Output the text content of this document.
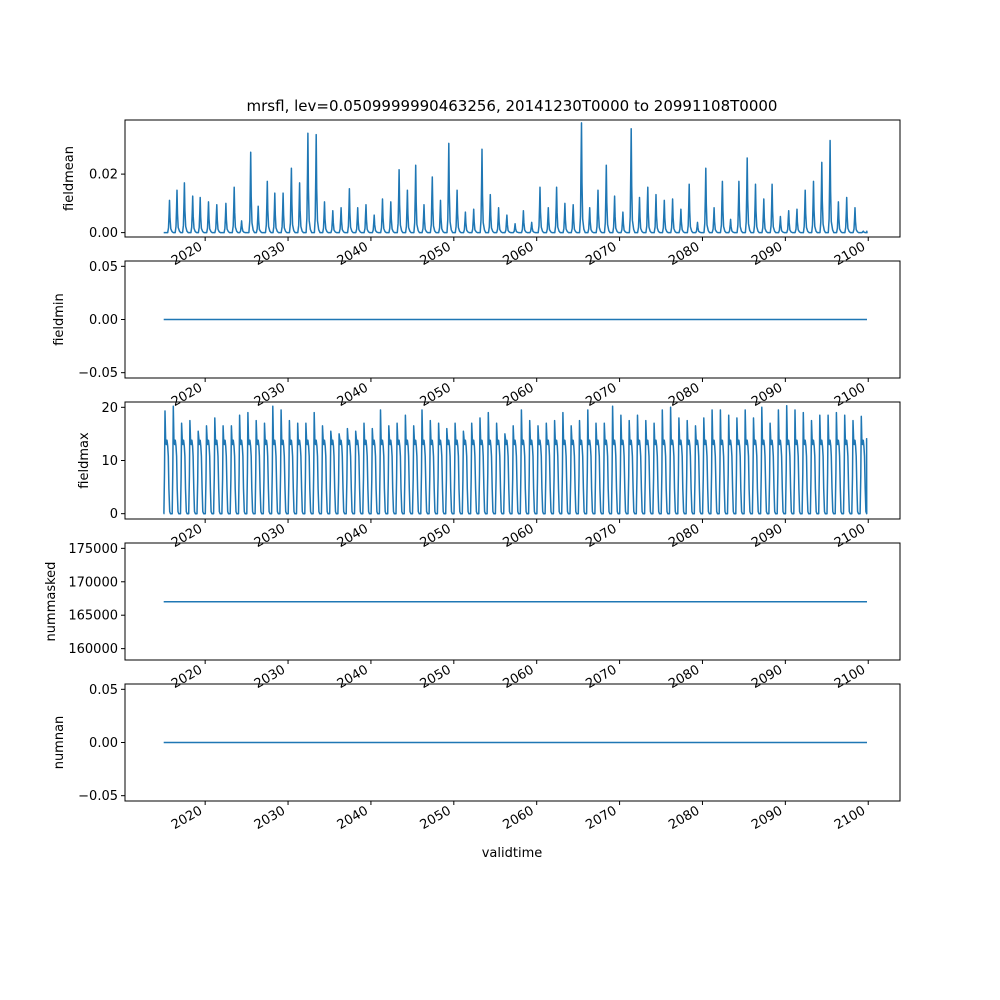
mrsfl, lev=0.0509999990463256, 20141230T0000 to 20991108T0000
0.00
0.02
2020	2030	2040	2050	2060	2070	2080	2090	2100
fieldmean
−0.05
0.00
0.05
2020	2030	2040	2050	2060	2070	2080	2090	2100
fieldmin
0
10
20
2020	2030	2040	2050	2060	2070	2080	2090	2100
fieldmax
160000
165000
170000
175000
2020	2030	2040	2050	2060	2070	2080	2090	2100
nummasked
−0.05
0.00
0.05
2020	2030	2040	2050	2060	2070	2080	2090	2100
numnan
validtime
